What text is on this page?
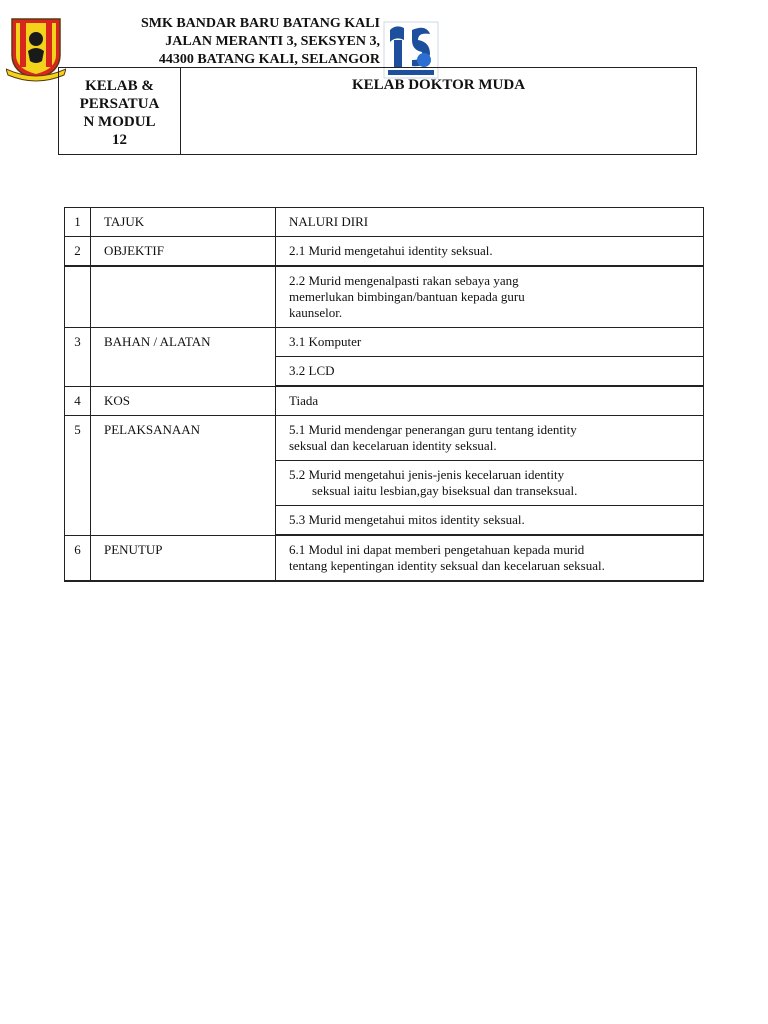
SMK BANDAR BARU BATANG KALI
JALAN MERANTI 3, SEKSYEN 3,
44300 BATANG KALI, SELANGOR
KELAB &
PERSATUA
N MODUL
12
KELAB DOKTOR MUDA
1	TAJUK	NALURI DIRI
2	OBJEKTIF	2.1 Murid mengetahui identity seksual.

		2.2 Murid mengenalpasti rakan sebaya yang
memerlukan bimbingan/bantuan kepada guru
kaunselor.

3	BAHAN / ALATAN	3.1 Komputer
		3.2 LCD
4	KOS	Tiada
5	PELAKSANAAN	5.1 Murid mendengar penerangan guru tentang identity
seksual dan kecelaruan identity seksual.

		5.2 Murid mengetahui jenis-jenis kecelaruan identity
seksual iaitu lesbian,gay biseksual dan transeksual.
		5.3 Murid mengetahui mitos identity seksual.
6	PENUTUP	6.1 Modul ini dapat memberi pengetahuan kepada murid
tentang kepentingan identity seksual dan kecelaruan seksual.
